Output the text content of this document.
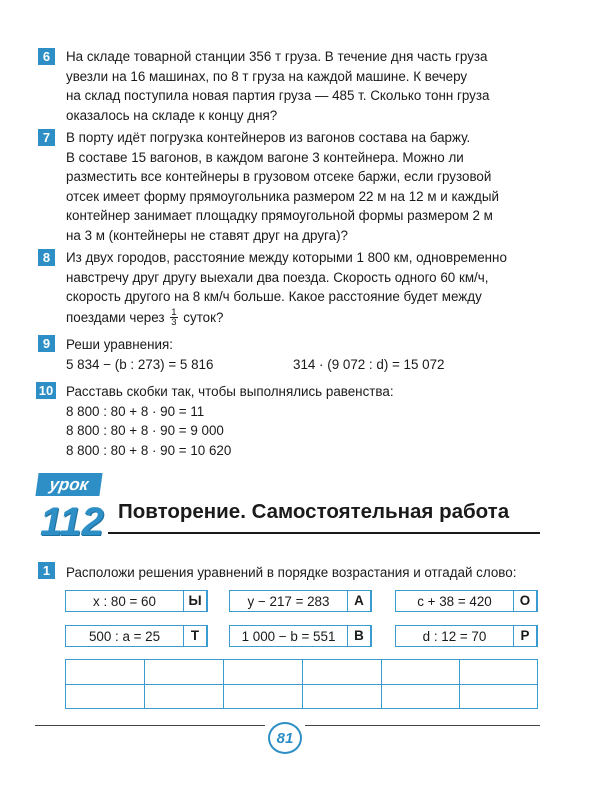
6	На складе товарной станции 356 т груза. В течение дня часть груза
увезли на 16 машинах, по 8 т груза на каждой машине. К вечеру
на склад поступила новая партия груза — 485 т. Сколько тонн груза
оказалось на складе к концу дня?
7	В порту идёт погрузка контейнеров из вагонов состава на баржу.
В составе 15 вагонов, в каждом вагоне 3 контейнера. Можно ли
разместить все контейнеры в грузовом отсеке баржи, если грузовой
отсек имеет форму прямоугольника размером 22 м на 12 м и каждый
контейнер занимает площадку прямоугольной формы размером 2 м
на 3 м (контейнеры не ставят друг на друга)?
8	Из двух городов, расстояние между которыми 1 800 км, одновременно
навстречу друг другу выехали два поезда. Скорость одного 60 км/ч,
скорость другого на 8 км/ч больше. Какое расстояние будет между
поездами через $\frac{1}{3}$ суток?
9	Реши уравнения:
5 834 − (b : 273) = 5 816	314 · (9 072 : d) = 15 072
10 Расставь скобки так, чтобы выполнялись равенства:
8 800 : 80 + 8 · 90 = 11
8 800 : 80 + 8 · 90 = 9 000
8 800 : 80 + 8 · 90 = 10 620
урок
112 Повторение. Самостоятельная работа
1	Расположи решения уравнений в порядке возрастания и отгадай слово:
x : 80 = 60	Ы	y − 217 = 283	А	c + 38 = 420	О
500 : a = 25	Т	1 000 − b = 551	В	d : 12 = 70	Р
81
